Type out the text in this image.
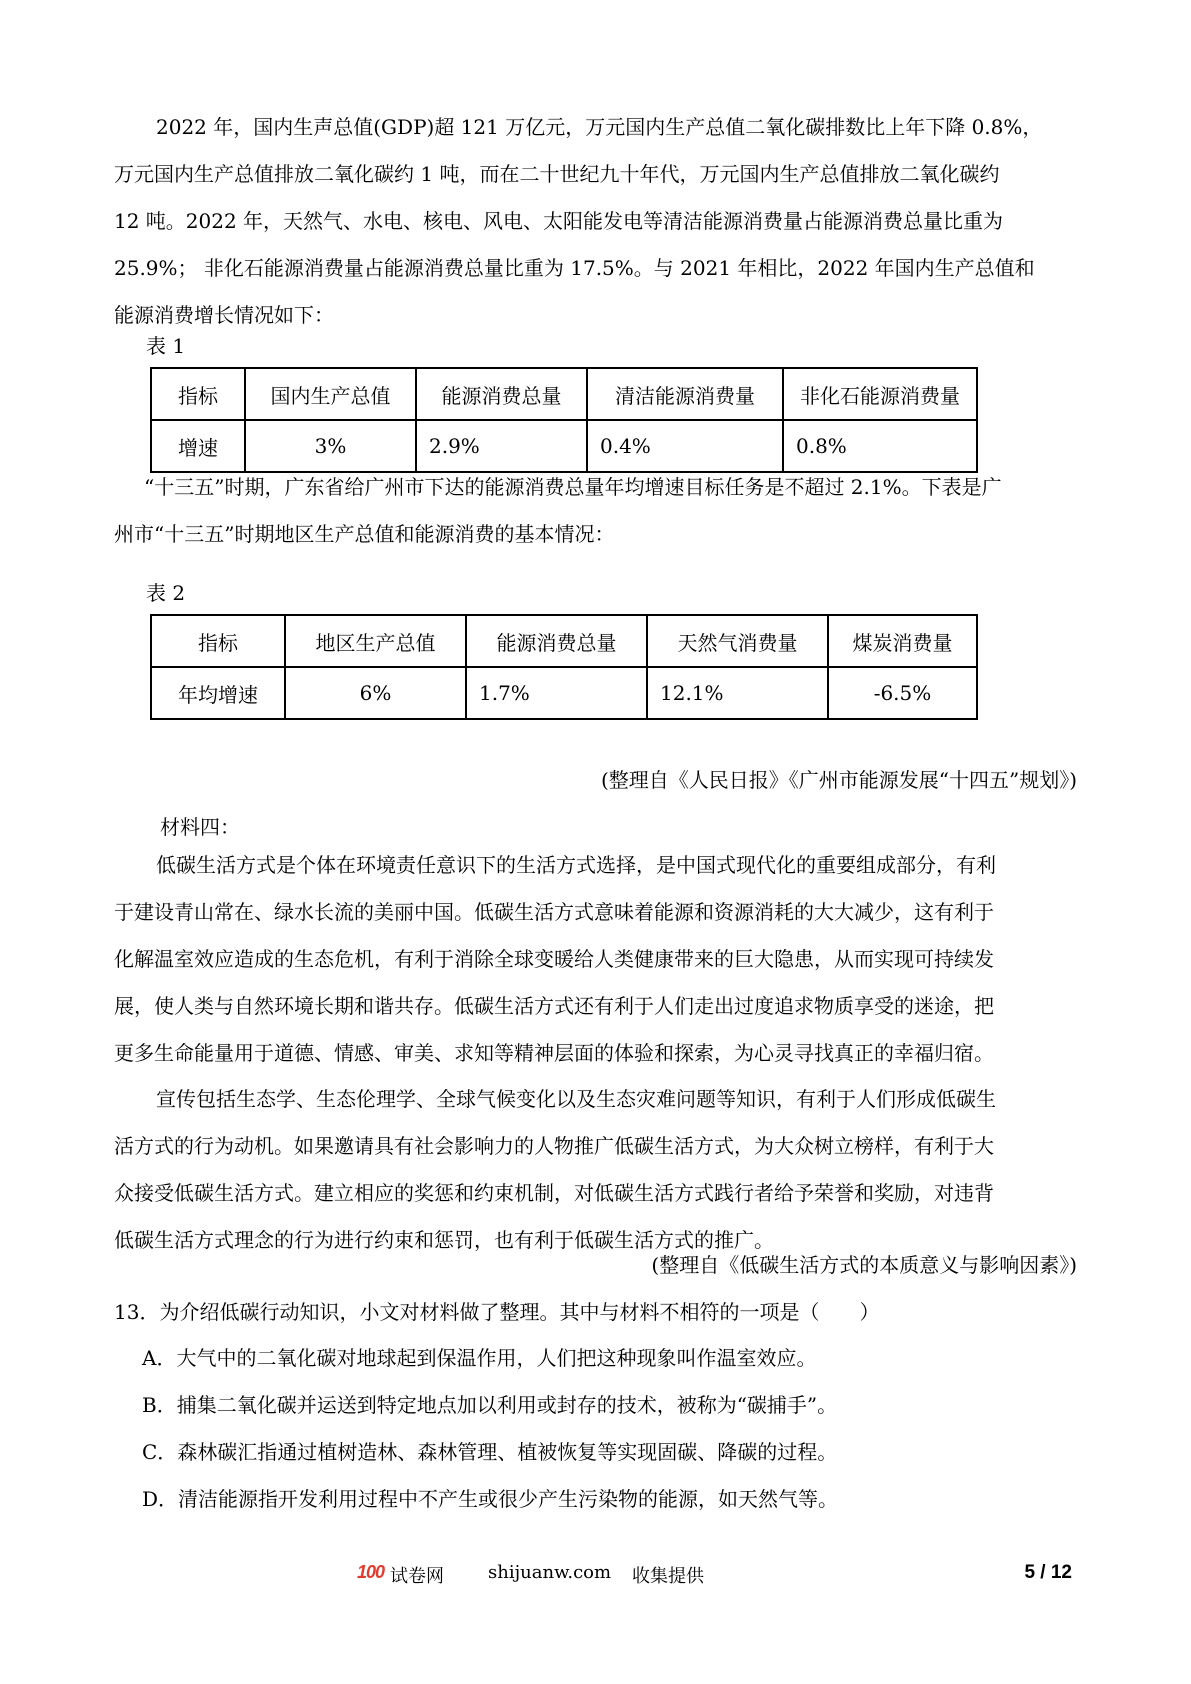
2022 年，国内生声总值(GDP)超 121 万亿元，万元国内生产总值二氧化碳排数比上年下降 0.8%，
万元国内生产总值排放二氧化碳约 1 吨，而在二十世纪九十年代，万元国内生产总值排放二氧化碳约
12 吨。2022 年，天然气、水电、核电、风电、太阳能发电等清洁能源消费量占能源消费总量比重为
25.9%； 非化石能源消费量占能源消费总量比重为 17.5%。与 2021 年相比，2022 年国内生产总值和
能源消费增长情况如下：
表 1
指标	国内生产总值	能源消费总量	清洁能源消费量	非化石能源消费量
增速	3%	2.9%	0.4%	0.8%
“十三五”时期，广东省给广州市下达的能源消费总量年均增速目标任务是不超过 2.1%。下表是广
州市“十三五”时期地区生产总值和能源消费的基本情况：
表 2
指标	地区生产总值	能源消费总量	天然气消费量	煤炭消费量
年均增速	6%	1.7%	12.1%	-6.5%
(整理自《人民日报》《广州市能源发展“十四五”规划》)
材料四：
低碳生活方式是个体在环境责任意识下的生活方式选择，是中国式现代化的重要组成部分，有利
于建设青山常在、绿水长流的美丽中国。低碳生活方式意味着能源和资源消耗的大大减少，这有利于
化解温室效应造成的生态危机，有利于消除全球变暖给人类健康带来的巨大隐患，从而实现可持续发
展，使人类与自然环境长期和谐共存。低碳生活方式还有利于人们走出过度追求物质享受的迷途，把
更多生命能量用于道德、情感、审美、求知等精神层面的体验和探索，为心灵寻找真正的幸福归宿。
宣传包括生态学、生态伦理学、全球气候变化以及生态灾难问题等知识，有利于人们形成低碳生
活方式的行为动机。如果邀请具有社会影响力的人物推广低碳生活方式，为大众树立榜样，有利于大
众接受低碳生活方式。建立相应的奖惩和约束机制，对低碳生活方式践行者给予荣誉和奖励，对违背
低碳生活方式理念的行为进行约束和惩罚，也有利于低碳生活方式的推广。
(整理自《低碳生活方式的本质意义与影响因素》)
13．为介绍低碳行动知识，小文对材料做了整理。其中与材料不相符的一项是（　　）
A．大气中的二氧化碳对地球起到保温作用，人们把这种现象叫作温室效应。
B．捕集二氧化碳并运送到特定地点加以利用或封存的技术，被称为“碳捕手”。
C．森林碳汇指通过植树造林、森林管理、植被恢复等实现固碳、降碳的过程。
D．清洁能源指开发利用过程中不产生或很少产生污染物的能源，如天然气等。
100 试卷网 shijuanw.com 收集提供	5 / 12
